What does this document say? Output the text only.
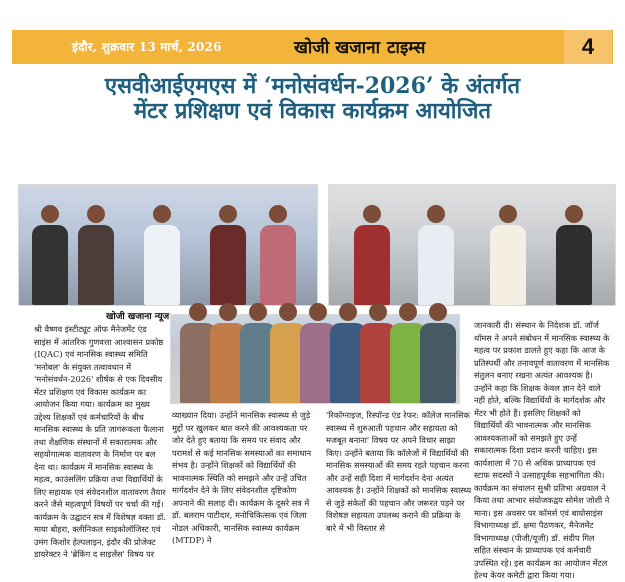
इंदौर, शुक्रवार 13 मार्च, 2026	खोजी खजाना टाइम्स	4
एसवीआईएमएस में ‘मनोसंवर्धन-2026’ के अंतर्गत
मेंटर प्रशिक्षण एवं विकास कार्यक्रम आयोजित
खोजी खजाना न्यूज

श्री वैष्णव इंस्टीट्यूट ऑफ मैनेजमेंट एंड साइंस में आंतरिक गुणवत्ता आश्वासन प्रकोष्ठ (IQAC) एवं मानसिक स्वास्थ्य समिति 'मनोबल' के संयुक्त तत्वावधान में 'मनोसंवर्धन-2026' शीर्षक से एक दिवसीय मेंटर प्रशिक्षण एवं विकास कार्यक्रम का आयोजन किया गया। कार्यक्रम का मुख्य उद्देश्य शिक्षकों एवं कर्मचारियों के बीच मानसिक स्वास्थ्य के प्रति जागरूकता फैलाना तथा शैक्षणिक संस्थानों में सकारात्मक और सहयोगात्मक वातावरण के निर्माण पर बल देना था। कार्यक्रम में मानसिक स्वास्थ्य के महत्व, काउंसलिंग प्रक्रिया तथा विद्यार्थियों के लिए सहायक एवं संवेदनशील वातावरण तैयार करने जैसे महत्वपूर्ण विषयों पर चर्चा की गई। कार्यक्रम के उद्घाटन सत्र में विशेषज्ञ वक्ता डॉ. माया बोहरा, क्लीनिकल साइकोलॉजिस्ट एवं उमंग किशोर हेल्पलाइन, इंदौर की प्रोजेक्ट डायरेक्टर ने 'ब्रेकिंग द साइलेंस' विषय पर

व्याख्यान दिया। उन्होंने मानसिक स्वास्थ्य से जुड़े मुद्दों पर खुलकर बात करने की आवश्यकता पर जोर देते हुए बताया कि समय पर संवाद और परामर्श से कई मानसिक समस्याओं का समाधान संभव है। उन्होंने शिक्षकों को विद्यार्थियों की भावनात्मक स्थिति को समझने और उन्हें उचित मार्गदर्शन देने के लिए संवेदनशील दृष्टिकोण अपनाने की सलाह दी। कार्यक्रम के दूसरे सत्र में डॉ. बलराम पाटीदार, मनोचिकित्सक एवं जिला नोडल अधिकारी, मानसिक स्वास्थ्य कार्यक्रम (MTDP) ने

'रिकॉग्नाइज, रिस्पॉन्ड एंड रेफर: कॉलेज मानसिक स्वास्थ्य में शुरुआती पहचान और सहायता को मजबूत बनाना' विषय पर अपने विचार साझा किए। उन्होंने बताया कि कॉलेजों में विद्यार्थियों की मानसिक समस्याओं की समय रहते पहचान करना और उन्हें सही दिशा में मार्गदर्शन देना अत्यंत आवश्यक है। उन्होंने शिक्षकों को मानसिक स्वास्थ्य से जुड़े संकेतों की पहचान और जरूरत पड़ने पर विशेषज्ञ सहायता उपलब्ध कराने की प्रक्रिया के बारे में भी विस्तार से

जानकारी दी। संस्थान के निदेशक डॉ. जॉर्ज थॉमस ने अपने संबोधन में मानसिक स्वास्थ्य के महत्व पर प्रकाश डालते हुए कहा कि आज के प्रतिस्पर्धी और तनावपूर्ण वातावरण में मानसिक संतुलन बनाए रखना अत्यंत आवश्यक है। उन्होंने कहा कि शिक्षक केवल ज्ञान देने वाले नहीं होते, बल्कि विद्यार्थियों के मार्गदर्शक और मेंटर भी होते हैं। इसलिए शिक्षकों को विद्यार्थियों की भावनात्मक और मानसिक आवश्यकताओं को समझते हुए उन्हें सकारात्मक दिशा प्रदान करनी चाहिए। इस कार्यशाला में 70 से अधिक प्राध्यापक एवं स्टाफ सदस्यों ने उत्साहपूर्वक सहभागिता की। कार्यक्रम का संचालन सुश्री प्रतिभा अग्रवाल ने किया तथा आभार संयोजकद्वय सोमेश जोशी ने माना। इस अवसर पर कॉमर्स एवं बायोसाइंस विभागाध्यक्ष डॉ. क्षमा पैठणकर, मैनेजमेंट विभागाध्यक्ष (पीजी/यूजी) डॉ. संदीप गिल सहित संस्थान के प्राध्यापक एवं कर्मचारी उपस्थित रहे। इस कार्यक्रम का आयोजन मेंटल हेल्थ केयर कमेटी द्वारा किया गया।
